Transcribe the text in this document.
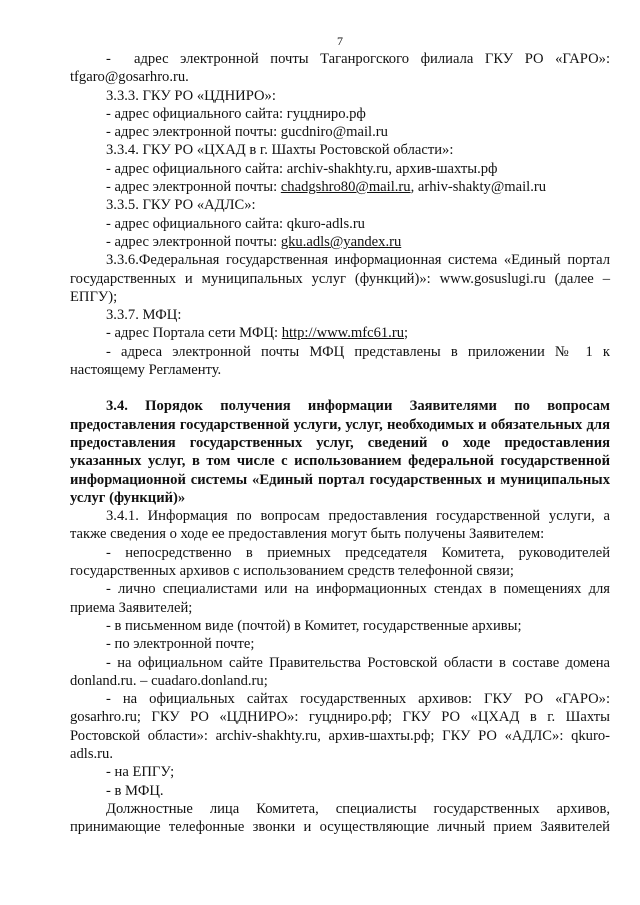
7

-  адрес электронной почты Таганрогского филиала ГКУ РО «ГАРО»: tfgaro@gosarhro.ru.

3.3.3. ГКУ РО «ЦДНИРО»:

- адрес официального сайта: гуцдниро.рф

- адрес электронной почты: gucdniro@mail.ru

3.3.4. ГКУ РО «ЦХАД в г. Шахты Ростовской области»:

- адрес официального сайта: archiv-shakhty.ru, архив-шахты.рф

- адрес электронной почты: chadgshro80@mail.ru, arhiv-shakty@mail.ru

3.3.5. ГКУ РО «АДЛС»:

- адрес официального сайта: qkuro-adls.ru

- адрес электронной почты: gku.adls@yandex.ru

3.3.6.Федеральная государственная информационная система «Единый портал государственных и муниципальных услуг (функций)»: www.gosuslugi.ru (далее – ЕПГУ);

3.3.7. МФЦ:

- адрес Портала сети МФЦ: http://www.mfc61.ru;

- адреса электронной почты МФЦ представлены в приложении № 1 к настоящему Регламенту.

3.4. Порядок получения информации Заявителями по вопросам предоставления государственной услуги, услуг, необходимых и обязательных для предоставления государственных услуг, сведений о ходе предоставления указанных услуг, в том числе с использованием федеральной государственной информационной системы «Единый портал государственных и муниципальных услуг (функций)»

3.4.1. Информация по вопросам предоставления государственной услуги, а также сведения о ходе ее предоставления могут быть получены Заявителем:

- непосредственно в приемных председателя Комитета, руководителей государственных архивов с использованием средств телефонной связи;

- лично специалистами или на информационных стендах в помещениях для приема Заявителей;

- в письменном виде (почтой) в Комитет, государственные архивы;

- по электронной почте;

- на официальном сайте Правительства Ростовской области в составе домена donland.ru. – cuadaro.donland.ru;

- на официальных сайтах государственных архивов: ГКУ РО «ГАРО»: gosarhro.ru; ГКУ РО «ЦДНИРО»: гуцдниро.рф; ГКУ РО «ЦХАД в г. Шахты Ростовской области»: archiv-shakhty.ru, архив-шахты.рф; ГКУ РО «АДЛС»: qkuro-adls.ru.

- на ЕПГУ;

- в МФЦ.

Должностные лица Комитета, специалисты государственных архивов, принимающие телефонные звонки и осуществляющие личный прием Заявителей
